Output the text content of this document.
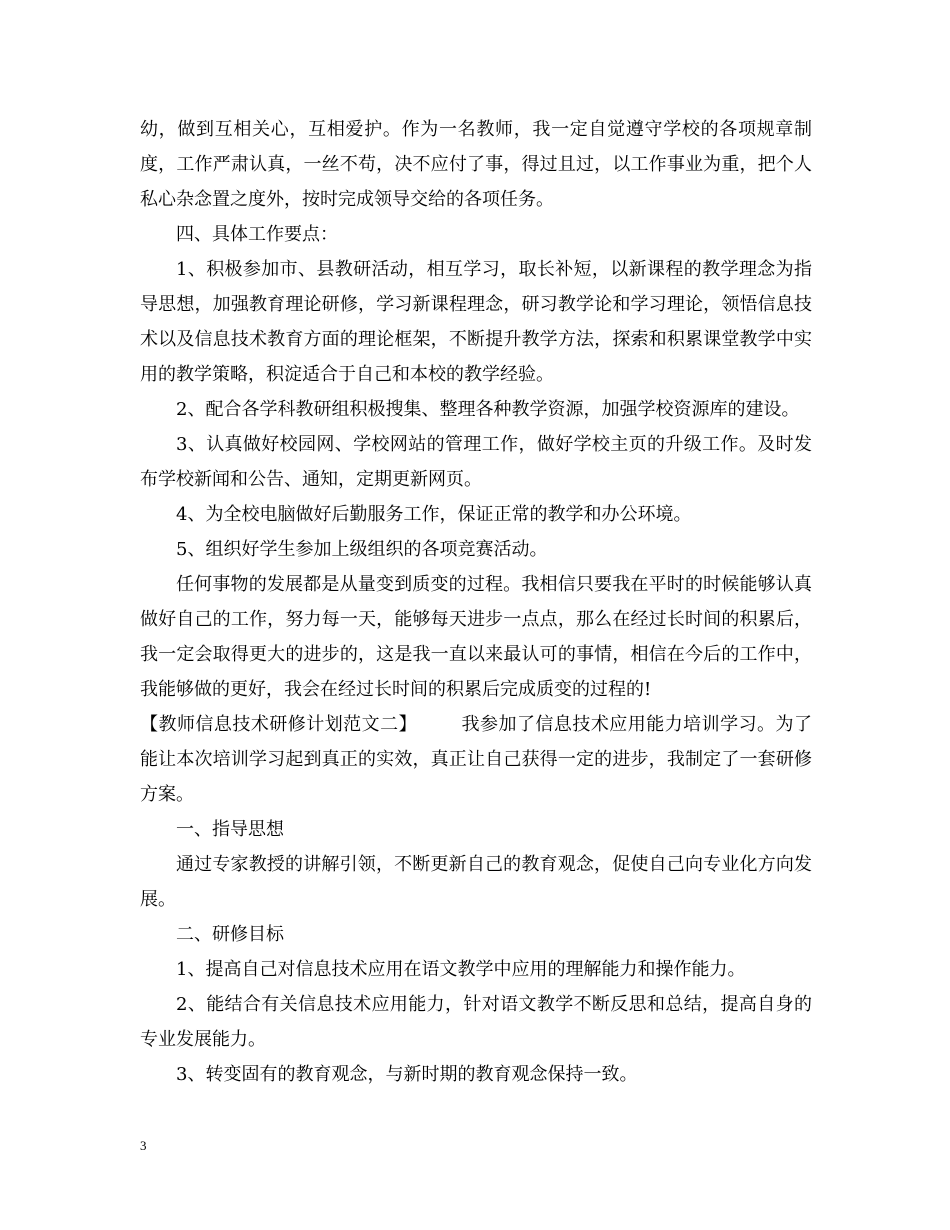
幼，做到互相关心，互相爱护。作为一名教师，我一定自觉遵守学校的各项规章制度，工作严肃认真，一丝不苟，决不应付了事，得过且过，以工作事业为重，把个人私心杂念置之度外，按时完成领导交给的各项任务。

四、具体工作要点：

1、积极参加市、县教研活动，相互学习，取长补短，以新课程的教学理念为指导思想，加强教育理论研修，学习新课程理念，研习教学论和学习理论，领悟信息技术以及信息技术教育方面的理论框架，不断提升教学方法，探索和积累课堂教学中实用的教学策略，积淀适合于自己和本校的教学经验。

2、配合各学科教研组积极搜集、整理各种教学资源，加强学校资源库的建设。

3、认真做好校园网、学校网站的管理工作，做好学校主页的升级工作。及时发布学校新闻和公告、通知，定期更新网页。

4、为全校电脑做好后勤服务工作，保证正常的教学和办公环境。

5、组织好学生参加上级组织的各项竞赛活动。

任何事物的发展都是从量变到质变的过程。我相信只要我在平时的时候能够认真做好自己的工作，努力每一天，能够每天进步一点点，那么在经过长时间的积累后，我一定会取得更大的进步的，这是我一直以来最认可的事情，相信在今后的工作中，我能够做的更好，我会在经过长时间的积累后完成质变的过程的!

【教师信息技术研修计划范文二】 我参加了信息技术应用能力培训学习。为了能让本次培训学习起到真正的实效，真正让自己获得一定的进步，我制定了一套研修方案。

一、指导思想

通过专家教授的讲解引领，不断更新自己的教育观念，促使自己向专业化方向发展。

二、研修目标

1、提高自己对信息技术应用在语文教学中应用的理解能力和操作能力。

2、能结合有关信息技术应用能力，针对语文教学不断反思和总结，提高自身的专业发展能力。

3、转变固有的教育观念，与新时期的教育观念保持一致。

3
